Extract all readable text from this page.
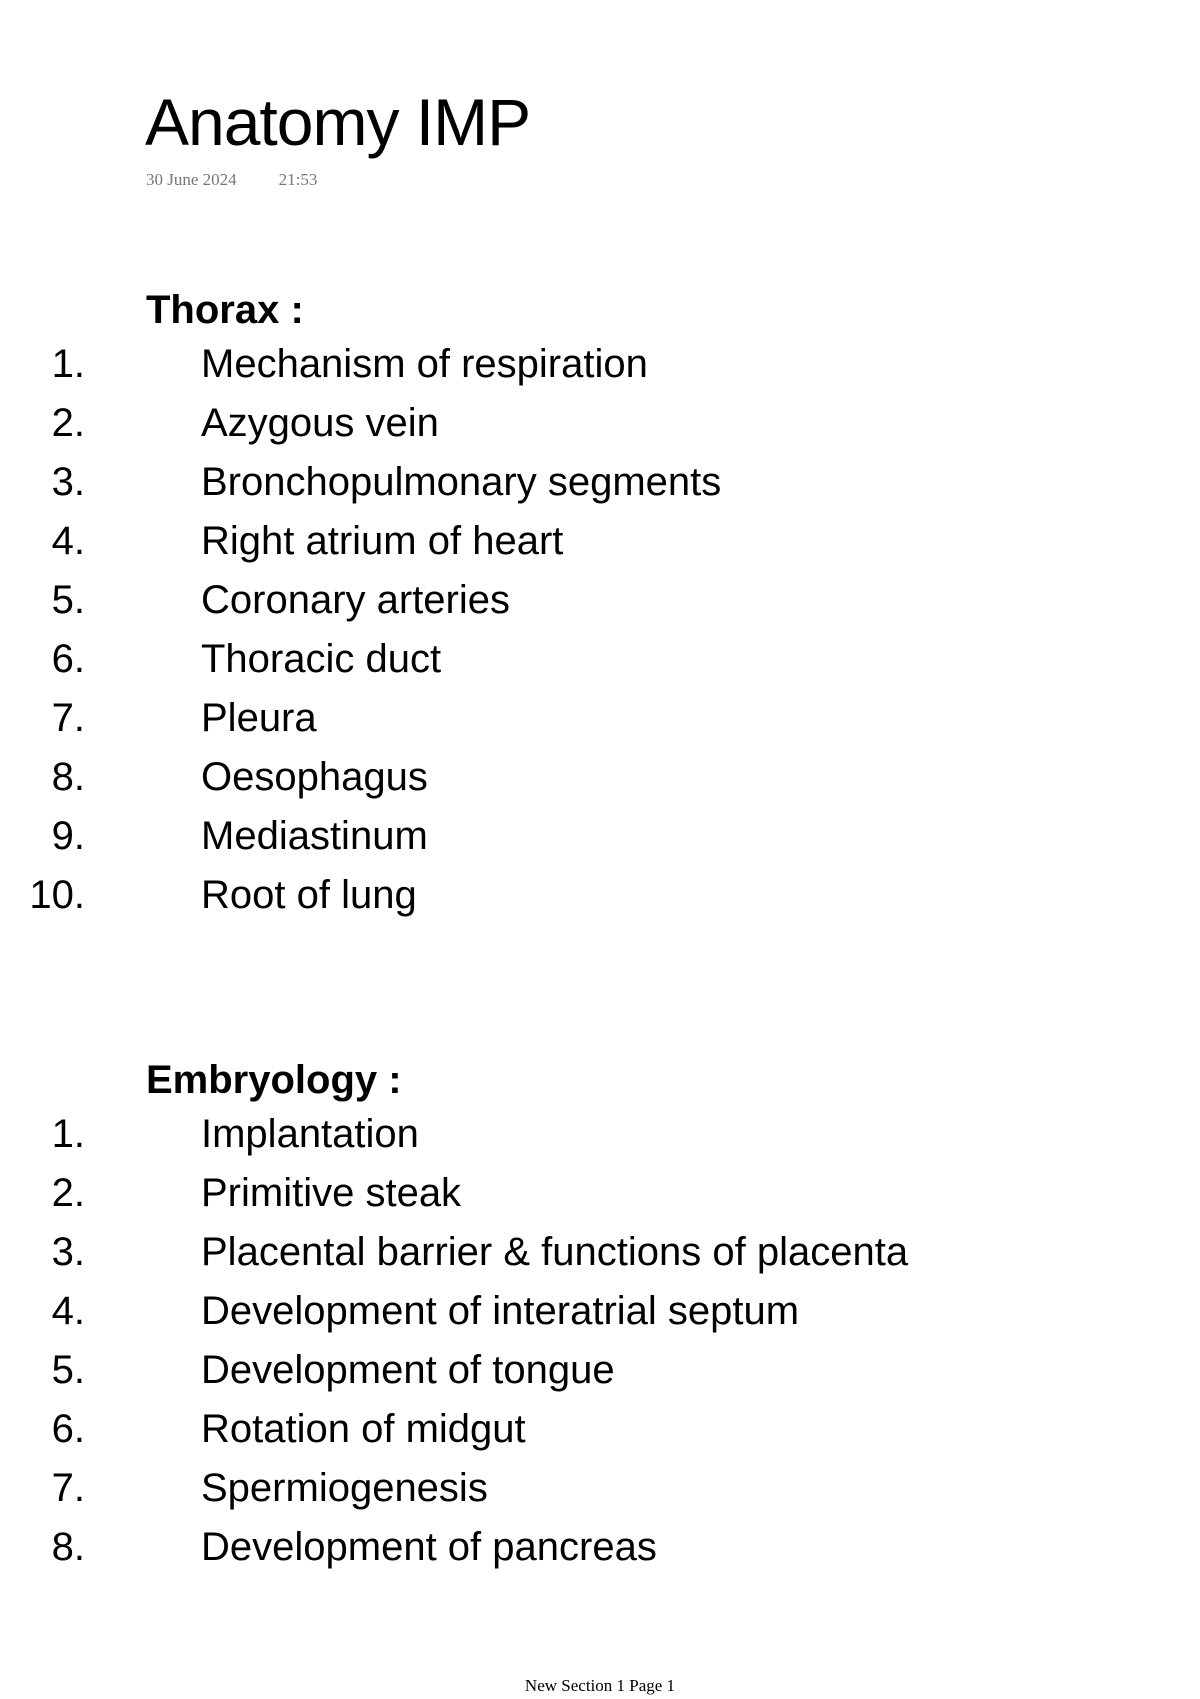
Anatomy IMP
30 June 2024 21:53
Thorax :
1.	Mechanism of respiration
2.	Azygous vein
3.	Bronchopulmonary segments
4.	Right atrium of heart
5.	Coronary arteries
6.	Thoracic duct
7.	Pleura
8.	Oesophagus
9.	Mediastinum
10.	Root of lung
Embryology :
1.	Implantation
2.	Primitive steak
3.	Placental barrier & functions of placenta
4.	Development of interatrial septum
5.	Development of tongue
6.	Rotation of midgut
7.	Spermiogenesis
8.	Development of pancreas
New Section 1 Page 1
